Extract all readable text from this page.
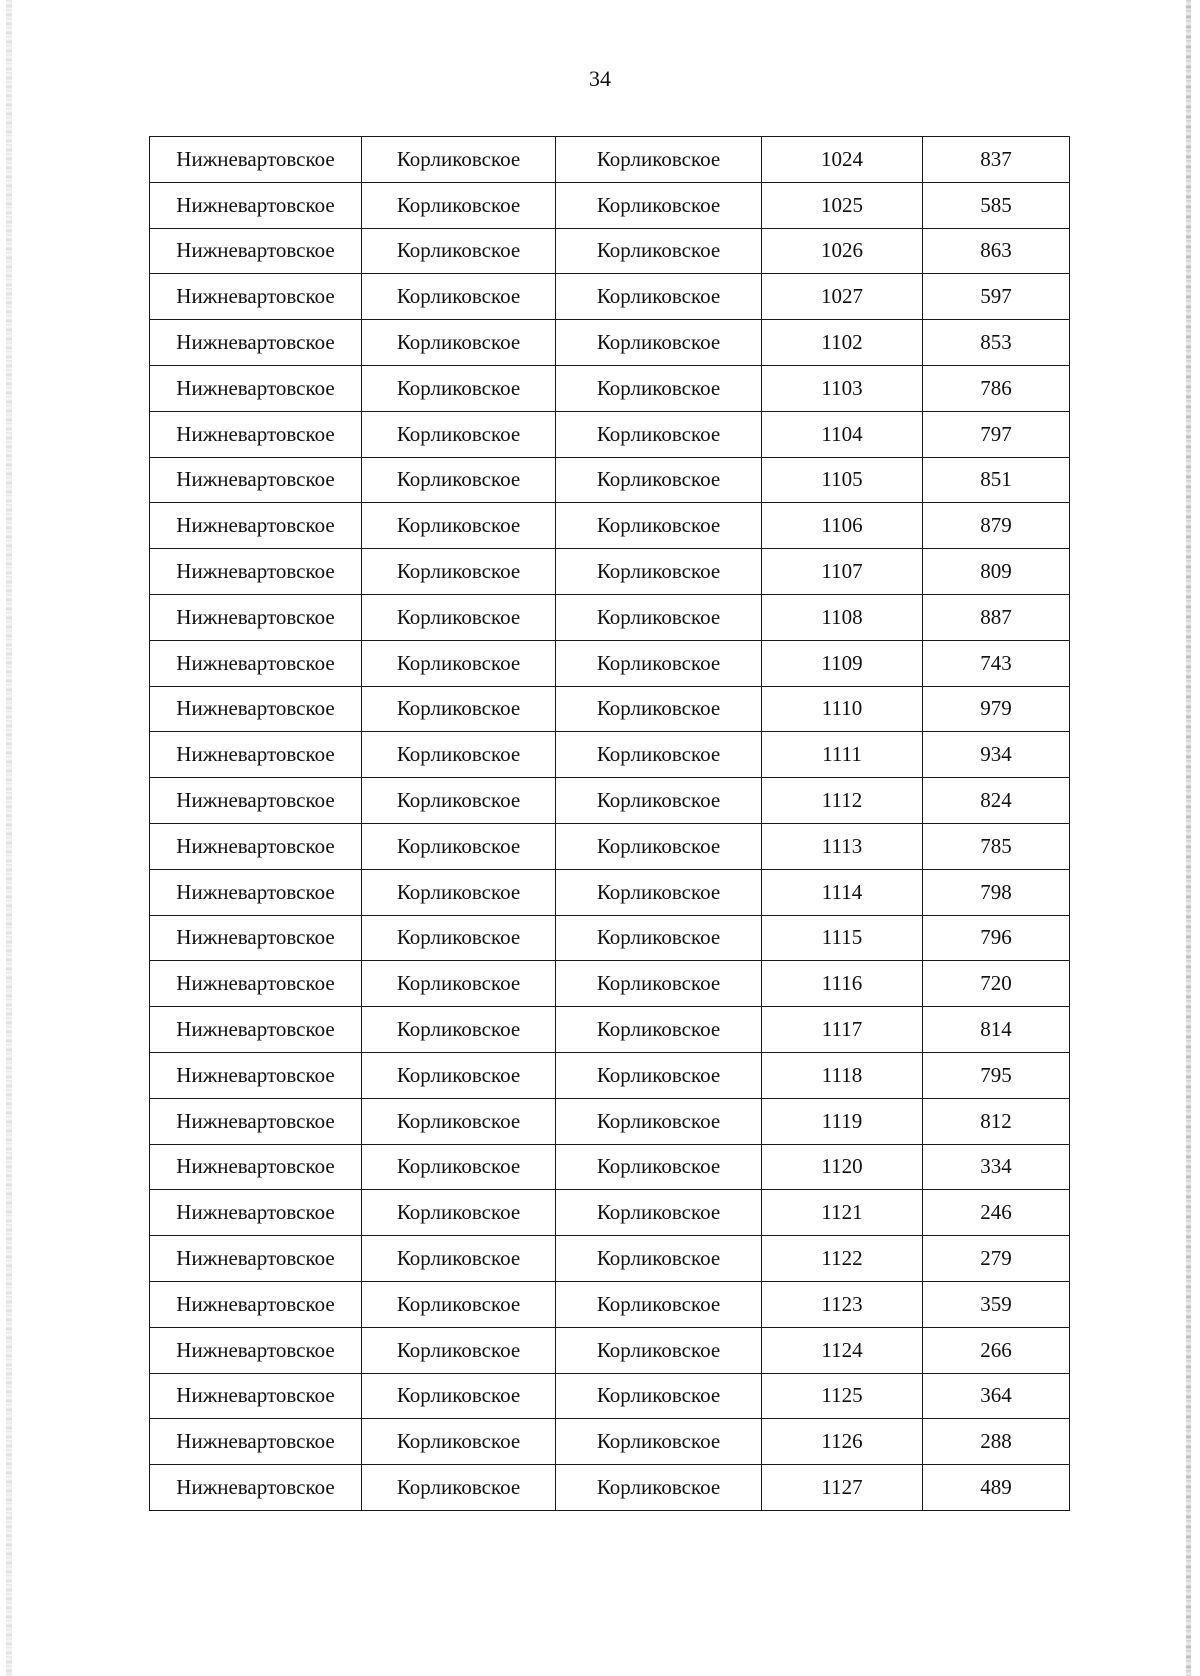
34
Нижневартовское	Корликовское	Корликовское	1024	837
Нижневартовское	Корликовское	Корликовское	1025	585
Нижневартовское	Корликовское	Корликовское	1026	863
Нижневартовское	Корликовское	Корликовское	1027	597
Нижневартовское	Корликовское	Корликовское	1102	853
Нижневартовское	Корликовское	Корликовское	1103	786
Нижневартовское	Корликовское	Корликовское	1104	797
Нижневартовское	Корликовское	Корликовское	1105	851
Нижневартовское	Корликовское	Корликовское	1106	879
Нижневартовское	Корликовское	Корликовское	1107	809
Нижневартовское	Корликовское	Корликовское	1108	887
Нижневартовское	Корликовское	Корликовское	1109	743
Нижневартовское	Корликовское	Корликовское	1110	979
Нижневартовское	Корликовское	Корликовское	1111	934
Нижневартовское	Корликовское	Корликовское	1112	824
Нижневартовское	Корликовское	Корликовское	1113	785
Нижневартовское	Корликовское	Корликовское	1114	798
Нижневартовское	Корликовское	Корликовское	1115	796
Нижневартовское	Корликовское	Корликовское	1116	720
Нижневартовское	Корликовское	Корликовское	1117	814
Нижневартовское	Корликовское	Корликовское	1118	795
Нижневартовское	Корликовское	Корликовское	1119	812
Нижневартовское	Корликовское	Корликовское	1120	334
Нижневартовское	Корликовское	Корликовское	1121	246
Нижневартовское	Корликовское	Корликовское	1122	279
Нижневартовское	Корликовское	Корликовское	1123	359
Нижневартовское	Корликовское	Корликовское	1124	266
Нижневартовское	Корликовское	Корликовское	1125	364
Нижневартовское	Корликовское	Корликовское	1126	288
Нижневартовское	Корликовское	Корликовское	1127	489
